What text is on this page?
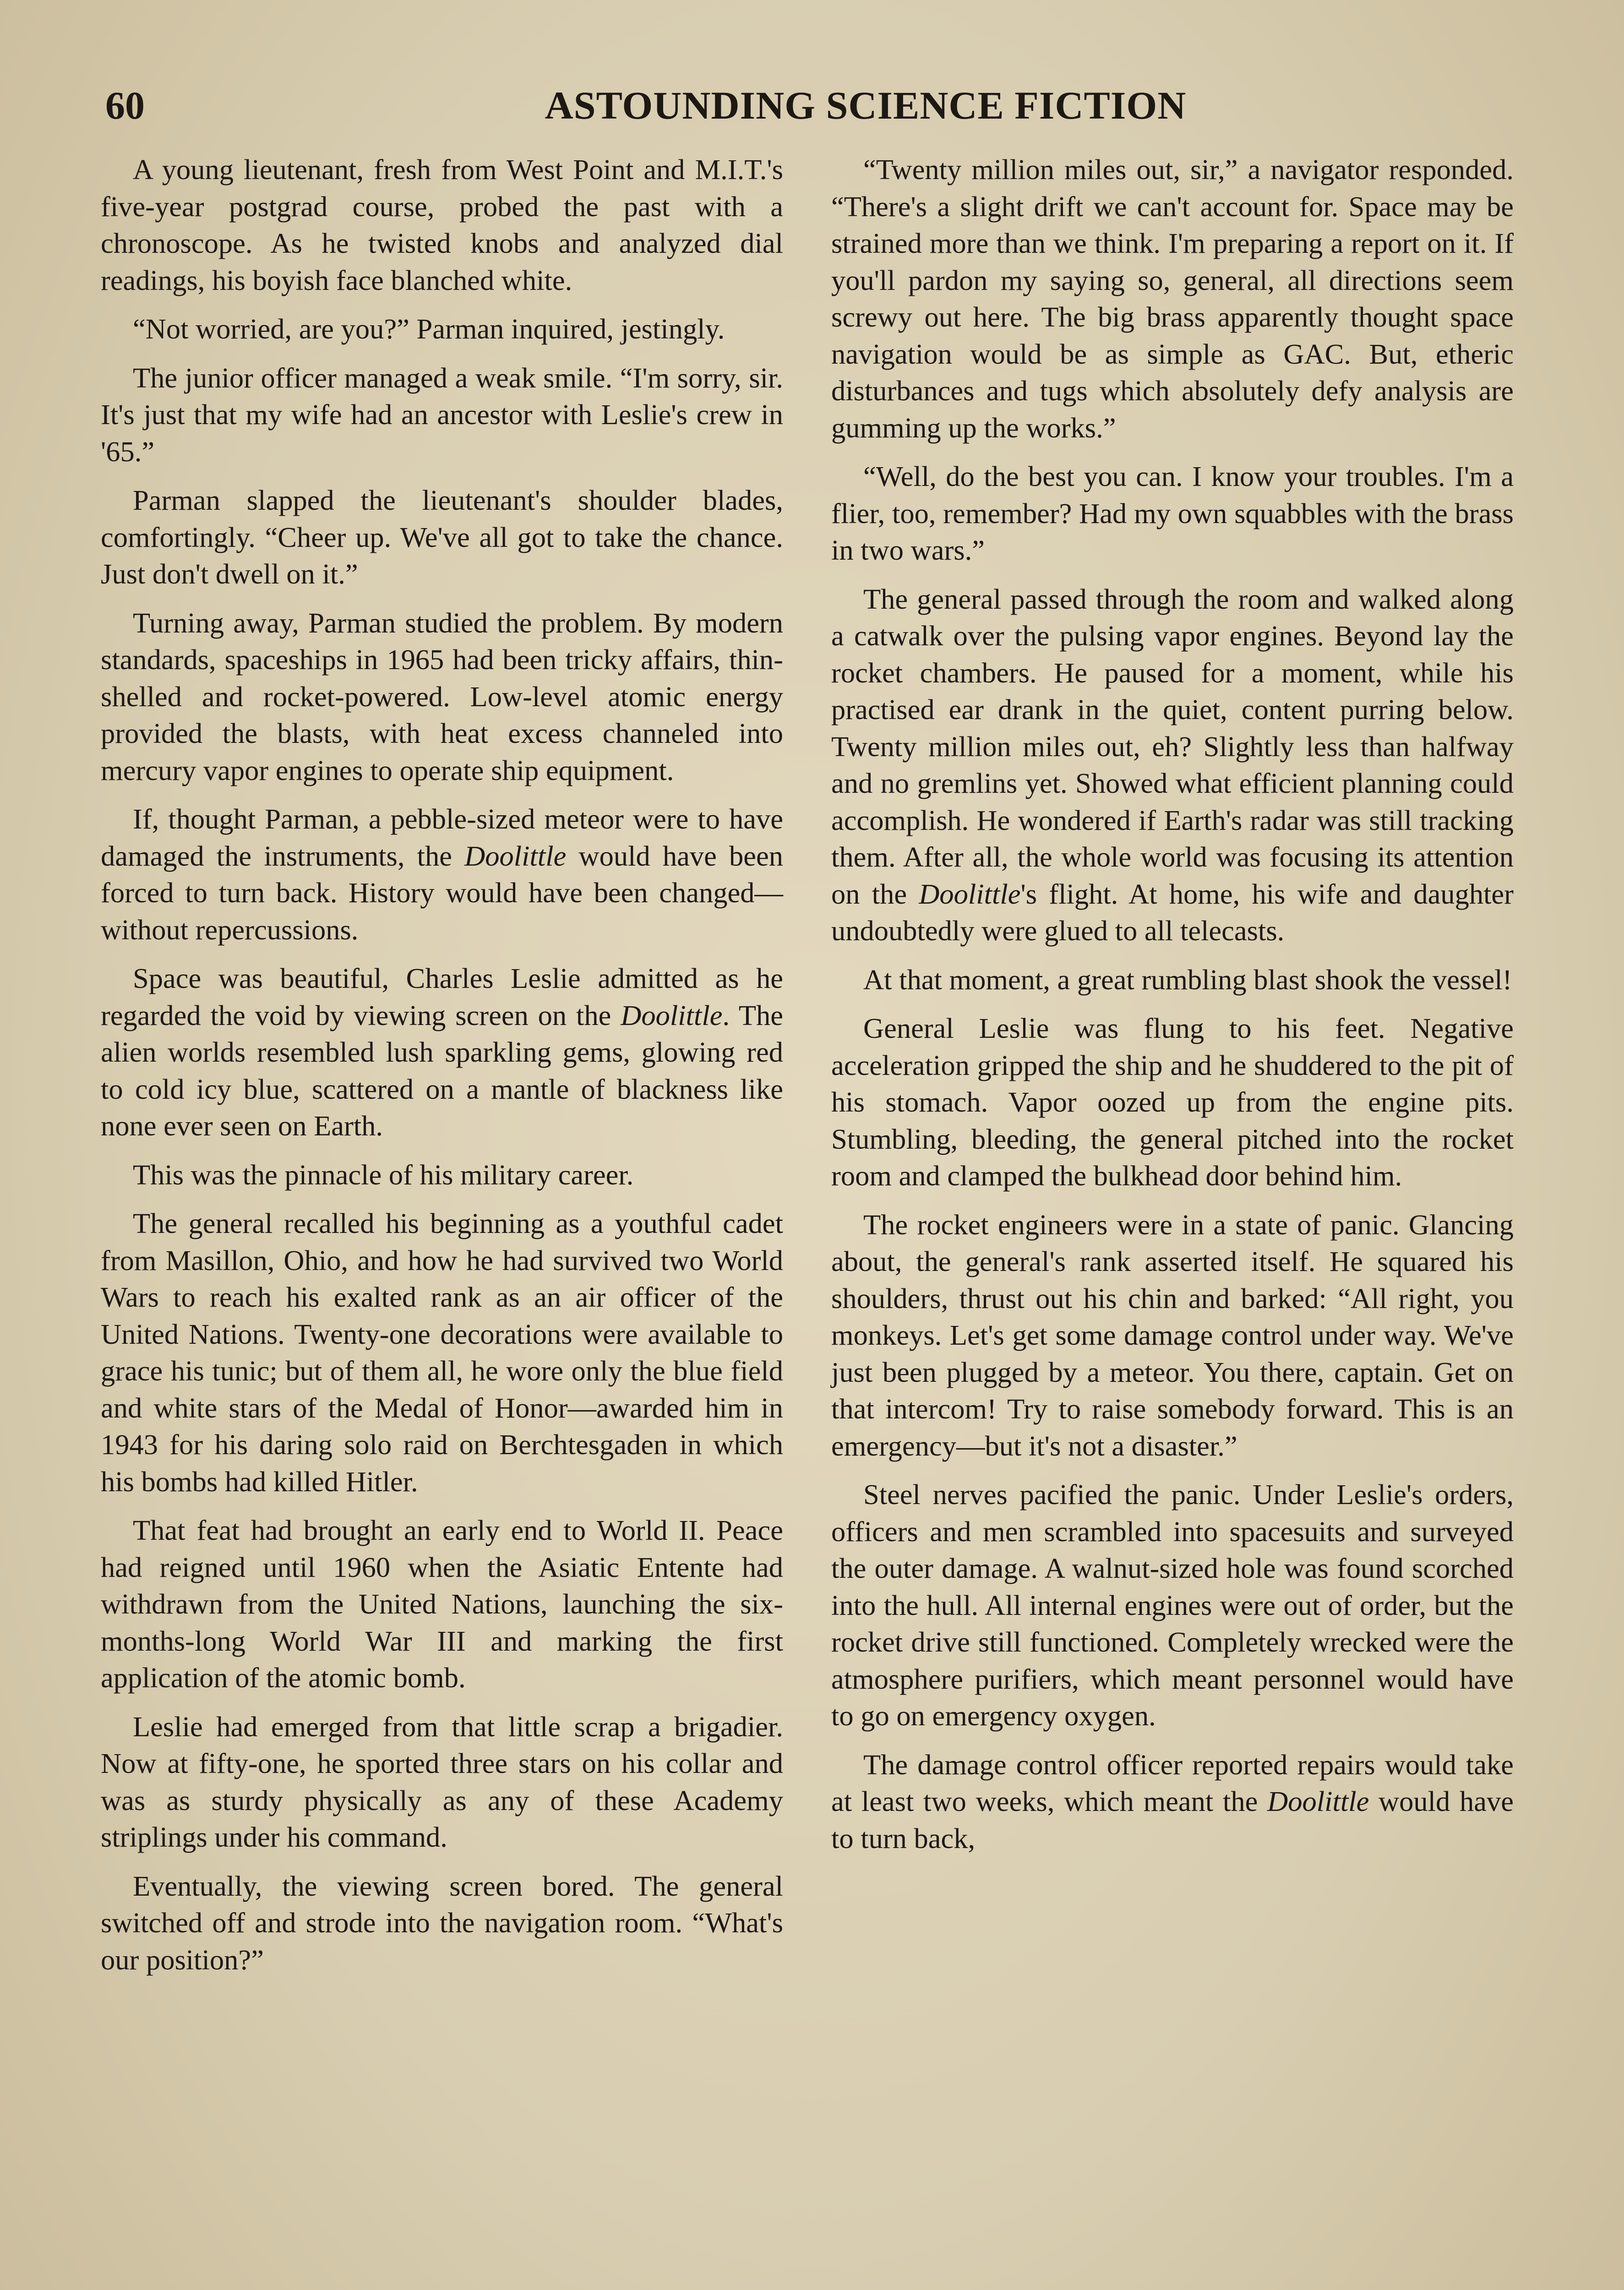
60	ASTOUNDING SCIENCE FICTION

A young lieutenant, fresh from West Point and M.I.T.'s five-year postgrad course, probed the past with a chronoscope. As he twisted knobs and analyzed dial readings, his boyish face blanched white.

“Not worried, are you?” Parman inquired, jestingly.

The junior officer managed a weak smile. “I'm sorry, sir. It's just that my wife had an ancestor with Leslie's crew in '65.”

Parman slapped the lieutenant's shoulder blades, comfortingly. “Cheer up. We've all got to take the chance. Just don't dwell on it.”

Turning away, Parman studied the problem. By modern standards, spaceships in 1965 had been tricky affairs, thin-shelled and rocket-powered. Low-level atomic energy provided the blasts, with heat excess channeled into mercury vapor engines to operate ship equipment.

If, thought Parman, a pebble-sized meteor were to have damaged the instruments, the Doolittle would have been forced to turn back. History would have been changed—without repercussions.

Space was beautiful, Charles Leslie admitted as he regarded the void by viewing screen on the Doolittle. The alien worlds resembled lush sparkling gems, glowing red to cold icy blue, scattered on a mantle of blackness like none ever seen on Earth.

This was the pinnacle of his military career.

The general recalled his beginning as a youthful cadet from Masillon, Ohio, and how he had survived two World Wars to reach his exalted rank as an air officer of the United Nations. Twenty-one decorations were available to grace his tunic; but of them all, he wore only the blue field and white stars of the Medal of Honor—awarded him in 1943 for his daring solo raid on Berchtesgaden in which his bombs had killed Hitler.

That feat had brought an early end to World II. Peace had reigned until 1960 when the Asiatic Entente had withdrawn from the United Nations, launching the six-months-long World War III and marking the first application of the atomic bomb.

Leslie had emerged from that little scrap a brigadier. Now at fifty-one, he sported three stars on his collar and was as sturdy physically as any of these Academy striplings under his command.

Eventually, the viewing screen bored. The general switched off and strode into the navigation room. “What's our position?”

“Twenty million miles out, sir,” a navigator responded. “There's a slight drift we can't account for. Space may be strained more than we think. I'm preparing a report on it. If you'll pardon my saying so, general, all directions seem screwy out here. The big brass apparently thought space navigation would be as simple as GAC. But, etheric disturbances and tugs which absolutely defy analysis are gumming up the works.”

“Well, do the best you can. I know your troubles. I'm a flier, too, remember? Had my own squabbles with the brass in two wars.”

The general passed through the room and walked along a catwalk over the pulsing vapor engines. Beyond lay the rocket chambers. He paused for a moment, while his practised ear drank in the quiet, content purring below. Twenty million miles out, eh? Slightly less than halfway and no gremlins yet. Showed what efficient planning could accomplish. He wondered if Earth's radar was still tracking them. After all, the whole world was focusing its attention on the Doolittle's flight. At home, his wife and daughter undoubtedly were glued to all telecasts.

At that moment, a great rumbling blast shook the vessel!

General Leslie was flung to his feet. Negative acceleration gripped the ship and he shuddered to the pit of his stomach. Vapor oozed up from the engine pits. Stumbling, bleeding, the general pitched into the rocket room and clamped the bulkhead door behind him.

The rocket engineers were in a state of panic. Glancing about, the general's rank asserted itself. He squared his shoulders, thrust out his chin and barked: “All right, you monkeys. Let's get some damage control under way. We've just been plugged by a meteor. You there, captain. Get on that intercom! Try to raise somebody forward. This is an emergency—but it's not a disaster.”

Steel nerves pacified the panic. Under Leslie's orders, officers and men scrambled into spacesuits and surveyed the outer damage. A walnut-sized hole was found scorched into the hull. All internal engines were out of order, but the rocket drive still functioned. Completely wrecked were the atmosphere purifiers, which meant personnel would have to go on emergency oxygen.

The damage control officer reported repairs would take at least two weeks, which meant the Doolittle would have to turn back,
